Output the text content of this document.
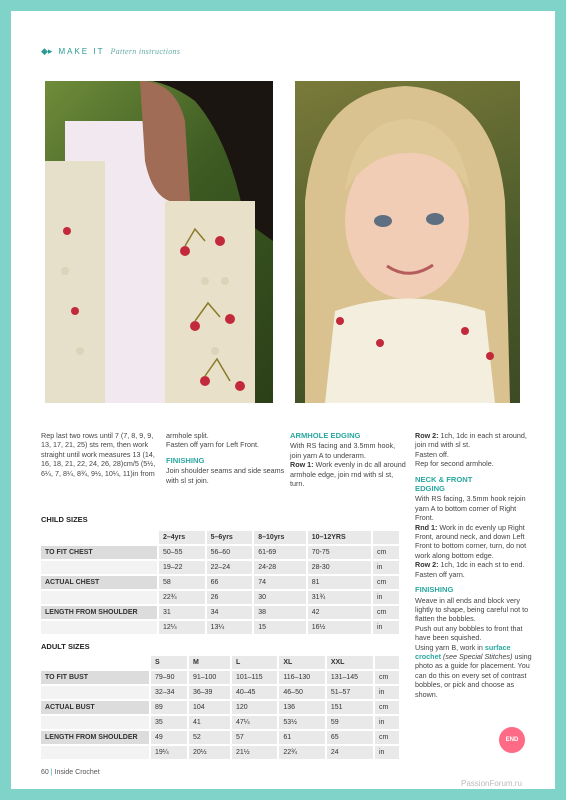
◆▸ MAKE IT Pattern instructions

Rep last two rows until 7 (7, 8, 9, 9, 13, 17, 21, 25) sts rem, then work straight until work measures 13 (14, 16, 18, 21, 22, 24, 26, 28)cm/5 (5½, 6¼, 7, 8¼, 8¾, 9½, 10¼, 11)in from

armhole split.

Fasten off yarn for Left Front.

FINISHING

Join shoulder seams and side seams with sl st join.

ARMHOLE EDGING

With RS facing and 3.5mm hook, join yarn A to underarm.

Row 1: Work evenly in dc all around armhole edge, join rnd with sl st, turn.

Row 2: 1ch, 1dc in each st around, join rnd with sl st.

Fasten off.

Rep for second armhole.

NECK & FRONT
EDGING

With RS facing, 3.5mm hook rejoin yarn A to bottom corner of Right Front.

Rnd 1: Work in dc evenly up Right Front, around neck, and down Left Front to bottom corner, turn, do not work along bottom edge.

Row 2: 1ch, 1dc in each st to end. Fasten off yarn.

FINISHING

Weave in all ends and block very lightly to shape, being careful not to flatten the bobbles.

Push out any bobbles to front that have been squished.

Using yarn B, work in surface crochet (see Special Stitches) using photo as a guide for placement. You can do this on every set of contrast bobbles, or pick and choose as shown.

CHILD SIZES
	2–4yrs	5–6yrs	8–10yrs	10–12YRS	
TO FIT CHEST	50–55	56–60	61-69	70-75	cm
	19–22	22–24	24-28	28-30	in
ACTUAL CHEST	58	66	74	81	cm
	22¾	26	30	31¾	in
LENGTH FROM SHOULDER	31	34	38	42	cm
	12¼	13¼	15	16½	in
ADULT SIZES
	S	M	L	XL	XXL	
TO FIT BUST	79–90	91–100	101–115	116–130	131–145	cm
	32–34	36–39	40–45	46–50	51–57	in
ACTUAL BUST	89	104	120	136	151	cm
	35	41	47¼	53½	59	in
LENGTH FROM SHOULDER	49	52	57	61	65	cm
	19¼	20½	21½	22¾	24	in
END
60 | Inside Crochet
PassionForum.ru
